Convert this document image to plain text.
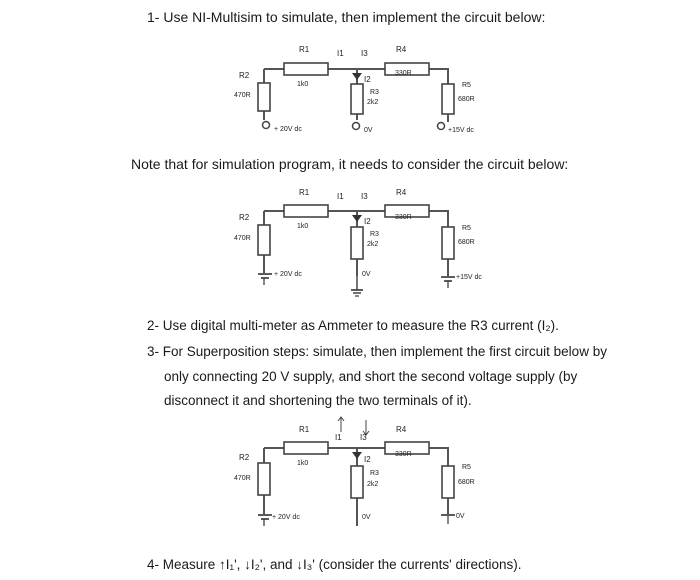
1- Use NI-Multisim to simulate, then implement the circuit below:
Note that for simulation program, it needs to consider the circuit below:
2- Use digital multi-meter as Ammeter to measure the R3 current (I₂).
3- For Superposition steps: simulate, then implement the first circuit below by
only connecting 20 V supply, and short the second voltage supply (by
disconnect it and shortening the two terminals of it).
4- Measure ↑I₁', ↓I₂', and ↓I₃' (consider the currents' directions).
R1
1k0
R2
470R	R3
2k2
R4
330R
R5
680R
I1 I3
I2
+ 20V dc	0V	+15V dc
R1
1k0
R2
470R
R3
2k2
R4
330R
R5
680R
I1 I3
I2
+ 20V dc	0V	+15V dc
R1
1k0
R2
470R
R3
2k2
R4
330R
R5
680R
I1 I3
I2
+ 20V dc	0V	0V
